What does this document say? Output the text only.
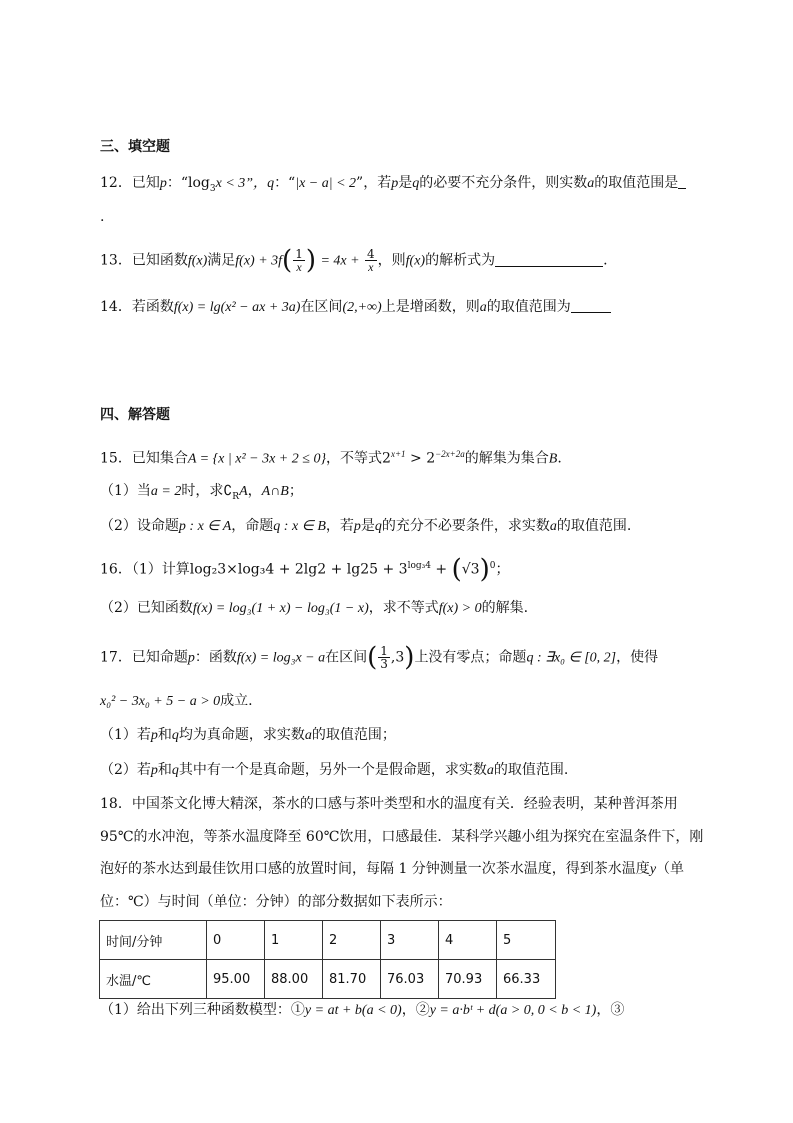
三、填空题
12．已知p：“$\log_3x < 3$”，q：“|x − a| < 2”，若p是q的必要不充分条件，则实数a的取值范围是
.
13．已知函数f(x)满足$f(x) + 3f( \frac{1}{x}$ ) = $4x + \frac{4}{x}$ ，则f(x)的解析式为	.
14．若函数f(x) = lg(x² − ax + 3a)在区间(2,+∞)上是增函数，则a的取值范围为
四、解答题
15．已知集合A = {x | x² − 3x + 2 ≤ 0}，不等式$2^{x+1} > 2^{-2x+2a}$的解集为集合B.
（1）当a = 2时，求$∁_RA$，A∩B；
（2）设命题p : x ∈ A，命题q : x ∈ B，若p是q的充分不必要条件，求实数a的取值范围.
16．（1）计算$\log_23\times\log_34 + 2\lg 2 + \lg 25 + 3^{log_34} + (√3)^0$；
（2）已知函数f(x) = log₃(1 + x) − log₃(1 − x)，求不等式f(x) > 0的解集.
17．已知命题p：函数f(x) = log₃x − a在区间( $\frac{1}{3} ,3$)上没有零点；命题q : ∃x₀ ∈ [0, 2]，使得
x₀² − 3x₀ + 5 − a > 0成立.
（1）若p和q均为真命题，求实数a的取值范围；
（2）若p和q其中有一个是真命题，另外一个是假命题，求实数a的取值范围.
18．中国茶文化博大精深，茶水的口感与茶叶类型和水的温度有关．经验表明，某种普洱茶用
95℃的水冲泡，等茶水温度降至 60℃饮用，口感最佳．某科学兴趣小组为探究在室温条件下，刚
泡好的茶水达到最佳饮用口感的放置时间，每隔 1 分钟测量一次茶水温度，得到茶水温度y（单
位：℃）与时间（单位：分钟）的部分数据如下表所示：
时间/分钟	0	1	2	3	4	5
水温/℃	95.00	88.00	81.70	76.03	70.93	66.33
（1）给出下列三种函数模型：①y = at + b(a < 0)，②y = a·bᵗ + d(a > 0, 0 < b < 1)，③
